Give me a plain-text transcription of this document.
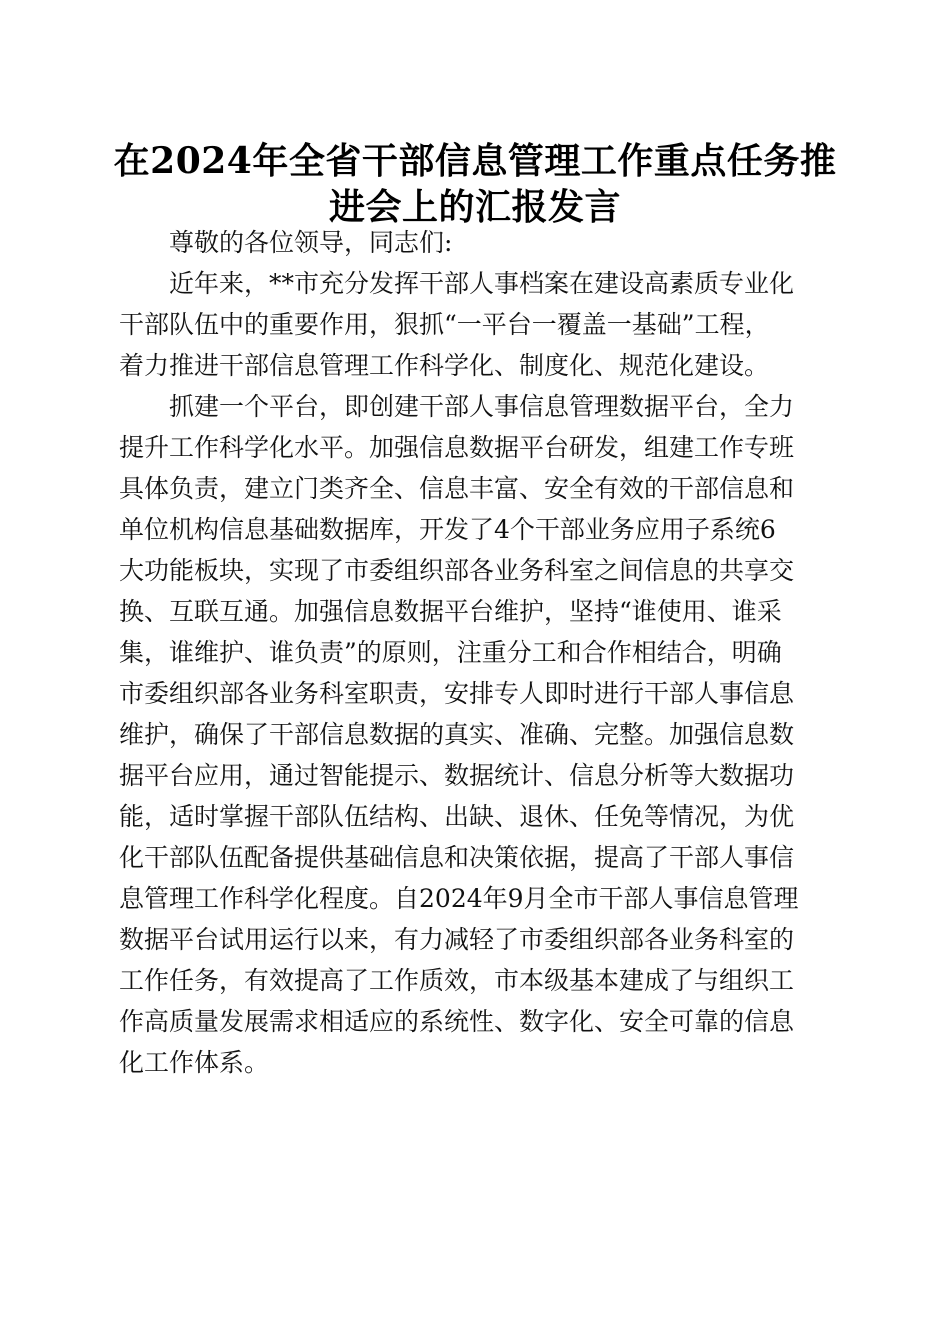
在2024年全省干部信息管理工作重点任务推
进会上的汇报发言
尊敬的各位领导，同志们:
近年来，**市充分发挥干部人事档案在建设高素质专业化
干部队伍中的重要作用，狠抓“一平台一覆盖一基础”工程，
着力推进干部信息管理工作科学化、制度化、规范化建设。
抓建一个平台，即创建干部人事信息管理数据平台，全力
提升工作科学化水平。加强信息数据平台研发，组建工作专班
具体负责，建立门类齐全、信息丰富、安全有效的干部信息和
单位机构信息基础数据库，开发了4个干部业务应用子系统6
大功能板块，实现了市委组织部各业务科室之间信息的共享交
换、互联互通。加强信息数据平台维护，坚持“谁使用、谁采
集，谁维护、谁负责”的原则，注重分工和合作相结合，明确
市委组织部各业务科室职责，安排专人即时进行干部人事信息
维护，确保了干部信息数据的真实、准确、完整。加强信息数
据平台应用，通过智能提示、数据统计、信息分析等大数据功
能，适时掌握干部队伍结构、出缺、退休、任免等情况，为优
化干部队伍配备提供基础信息和决策依据，提高了干部人事信
息管理工作科学化程度。自2024年9月全市干部人事信息管理
数据平台试用运行以来，有力减轻了市委组织部各业务科室的
工作任务，有效提高了工作质效，市本级基本建成了与组织工
作高质量发展需求相适应的系统性、数字化、安全可靠的信息
化工作体系。
